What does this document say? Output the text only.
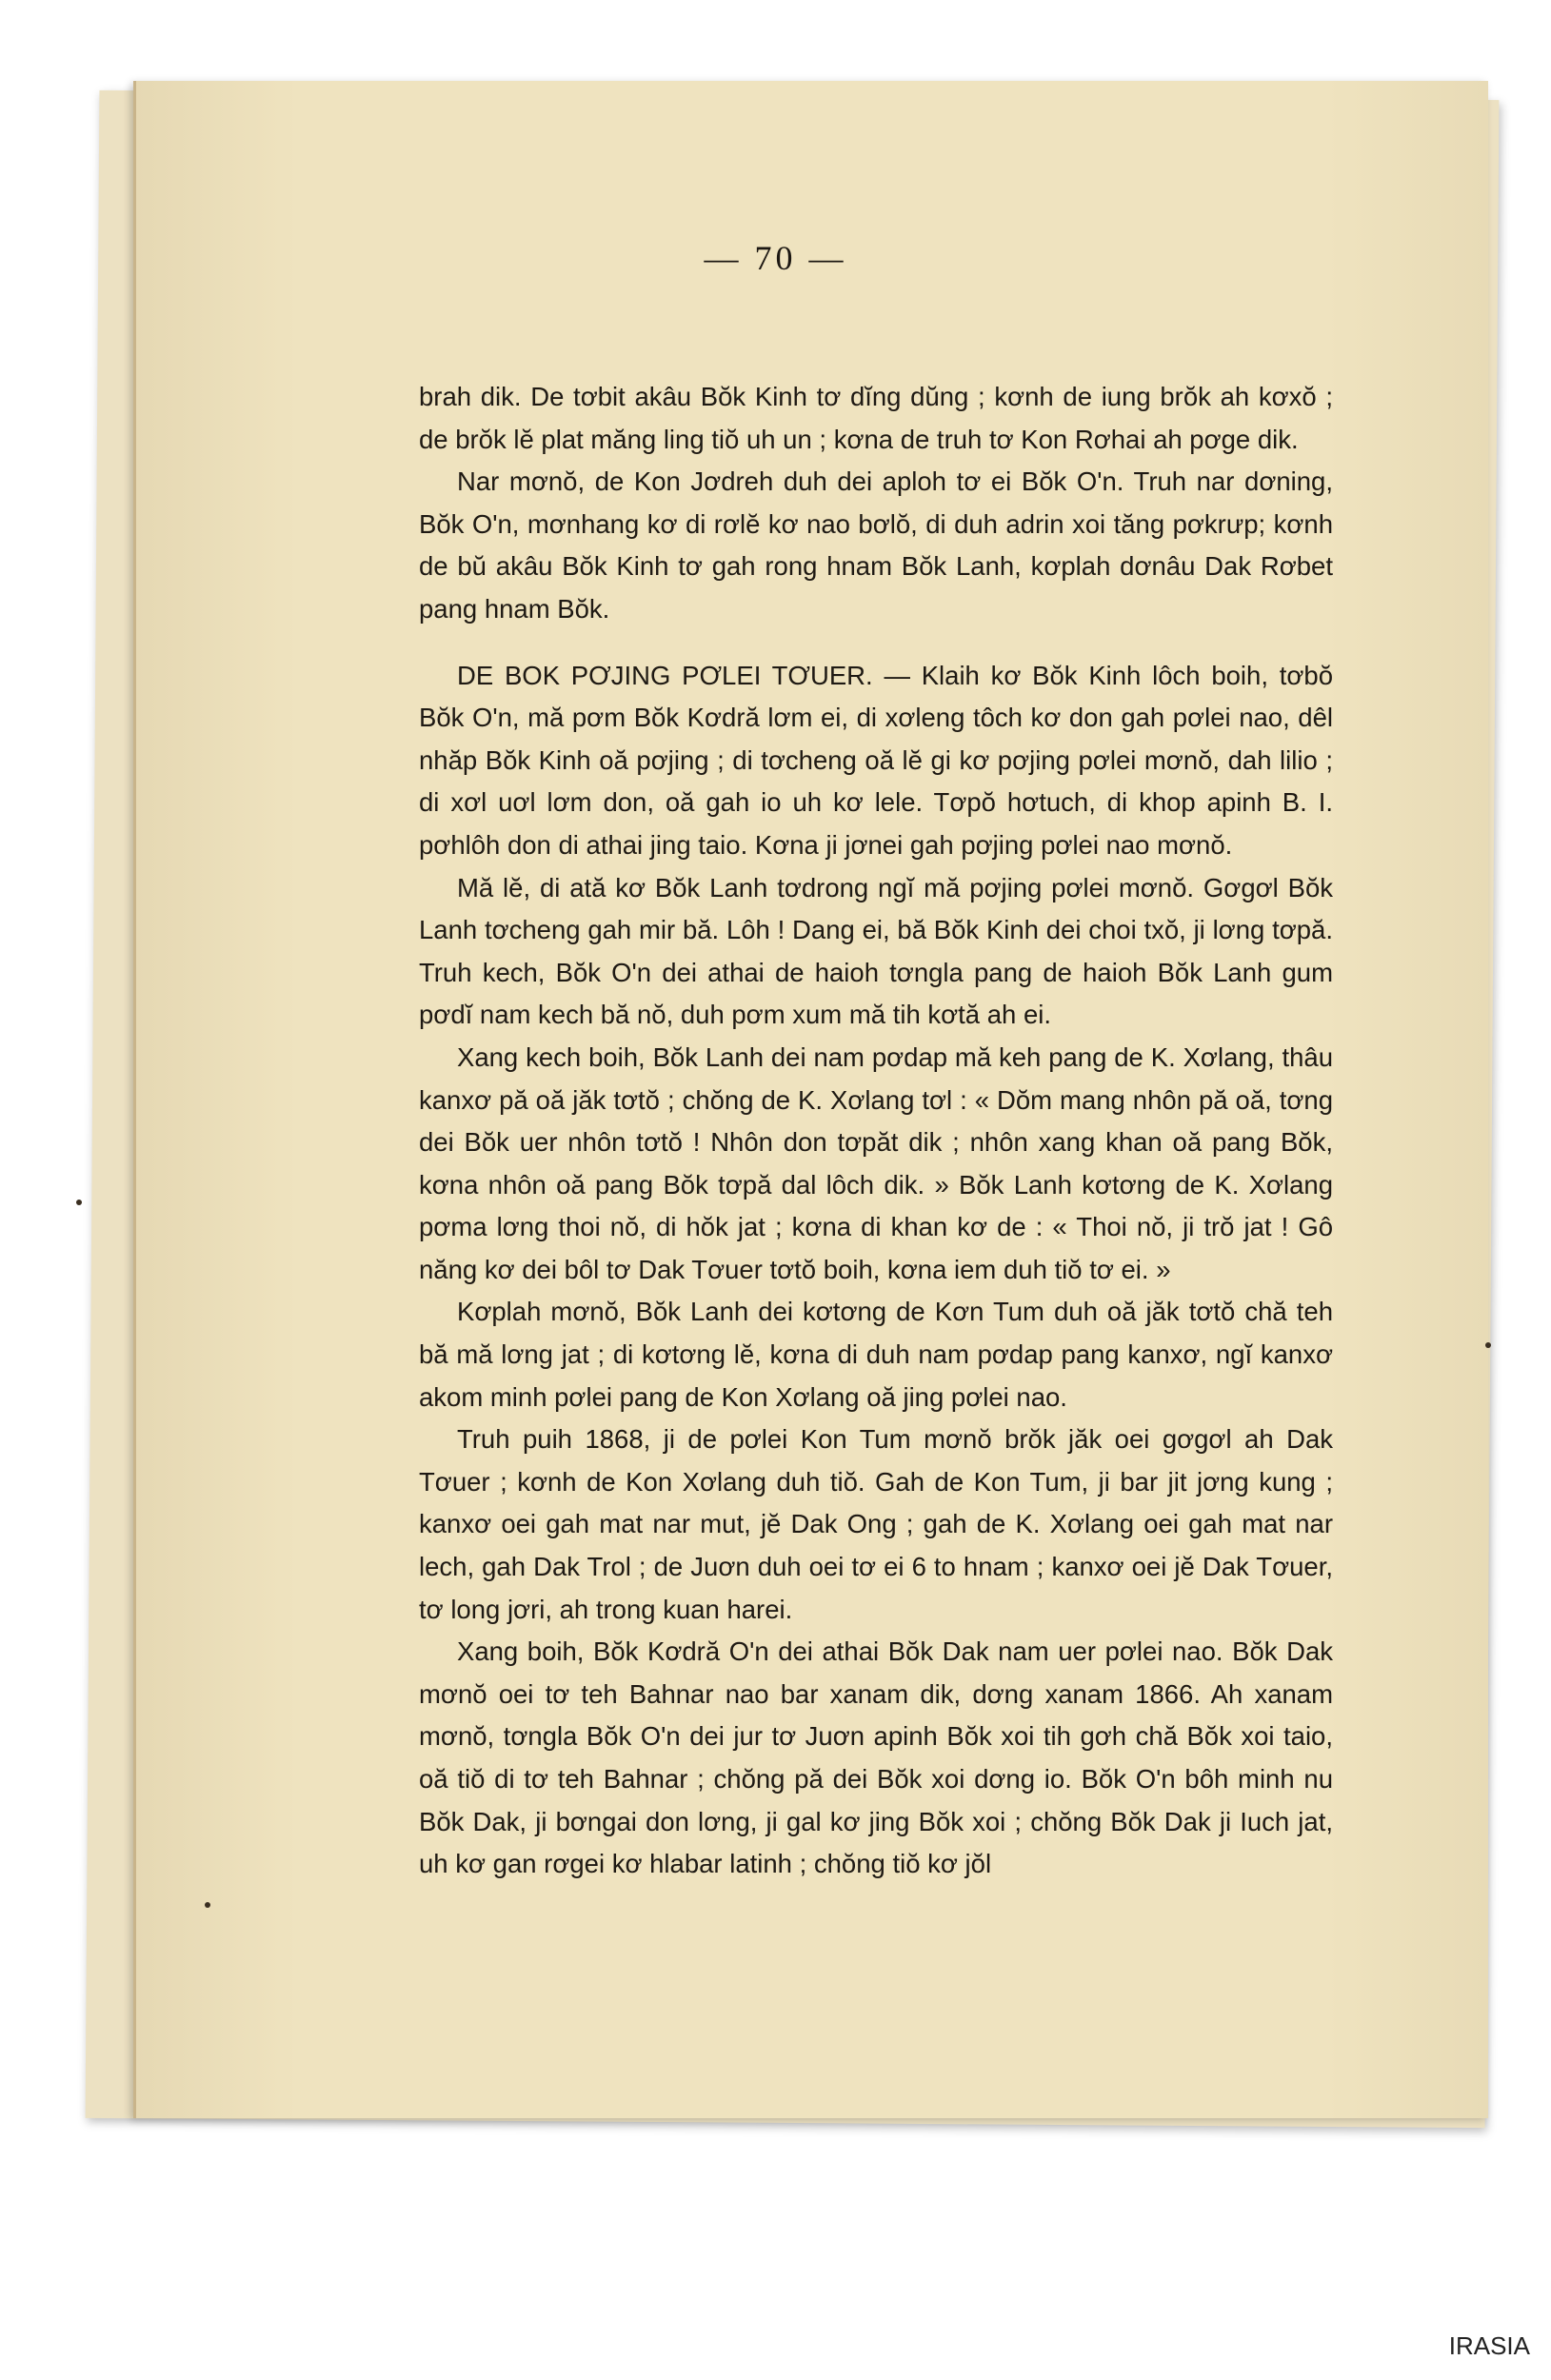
— 70 —

brah dik. De tơbit akâu Bŏk Kinh tơ dĭng dŭng ; kơnh de iung brŏk ah kơxŏ ; de brŏk lĕ plat măng ling tiŏ uh un ; kơna de truh tơ Kon Rơhai ah pơge dik.

Nar mơnŏ, de Kon Jơdreh duh dei aploh tơ ei Bŏk O'n. Truh nar dơning, Bŏk O'n, mơnhang kơ di rơlĕ kơ nao bơlŏ, di duh adrin xoi tăng pơkrưp; kơnh de bŭ akâu Bŏk Kinh tơ gah rong hnam Bŏk Lanh, kơplah dơnâu Dak Rơbet pang hnam Bŏk.

DE BOK PƠJING PƠLEI TƠUER. — Klaih kơ Bŏk Kinh lôch boih, tơbŏ Bŏk O'n, mă pơm Bŏk Kơdră lơm ei, di xơleng tôch kơ don gah pơlei nao, dêl nhăp Bŏk Kinh oă pơjing ; di tơcheng oă lĕ gi kơ pơjing pơlei mơnŏ, dah lilio ; di xơl uơl lơm don, oă gah io uh kơ lele. Tơpŏ hơtuch, di khop apinh B. I. pơhlôh don di athai jing taio. Kơna ji jơnei gah pơjing pơlei nao mơnŏ.

Mă lĕ, di ată kơ Bŏk Lanh tơdrong ngĭ mă pơjing pơlei mơnŏ. Gơgơl Bŏk Lanh tơcheng gah mir bă. Lôh ! Dang ei, bă Bŏk Kinh dei choi txŏ, ji lơng tơpă. Truh kech, Bŏk O'n dei athai de haioh tơngla pang de haioh Bŏk Lanh gum pơdĭ nam kech bă nŏ, duh pơm xum mă tih kơtă ah ei.

Xang kech boih, Bŏk Lanh dei nam pơdap mă keh pang de K. Xơlang, thâu kanxơ pă oă jăk tơtŏ ; chŏng de K. Xơlang tơl : « Dŏm mang nhôn pă oă, tơng dei Bŏk uer nhôn tơtŏ ! Nhôn don tơpăt dik ; nhôn xang khan oă pang Bŏk, kơna nhôn oă pang Bŏk tơpă dal lôch dik. » Bŏk Lanh kơtơng de K. Xơlang pơma lơng thoi nŏ, di hŏk jat ; kơna di khan kơ de : « Thoi nŏ, ji trŏ jat ! Gô năng kơ dei bôl tơ Dak Tơuer tơtŏ boih, kơna iem duh tiŏ tơ ei. »

Kơplah mơnŏ, Bŏk Lanh dei kơtơng de Kơn Tum duh oă jăk tơtŏ chă teh bă mă lơng jat ; di kơtơng lĕ, kơna di duh nam pơdap pang kanxơ, ngĭ kanxơ akom minh pơlei pang de Kon Xơlang oă jing pơlei nao.

Truh puih 1868, ji de pơlei Kon Tum mơnŏ brŏk jăk oei gơgơl ah Dak Tơuer ; kơnh de Kon Xơlang duh tiŏ. Gah de Kon Tum, ji bar jit jơng kung ; kanxơ oei gah mat nar mut, jĕ Dak Ong ; gah de K. Xơlang oei gah mat nar lech, gah Dak Trol ; de Juơn duh oei tơ ei 6 to hnam ; kanxơ oei jĕ Dak Tơuer, tơ long jơri, ah trong kuan harei.

Xang boih, Bŏk Kơdră O'n dei athai Bŏk Dak nam uer pơlei nao. Bŏk Dak mơnŏ oei tơ teh Bahnar nao bar xanam dik, dơng xanam 1866. Ah xanam mơnŏ, tơngla Bŏk O'n dei jur tơ Juơn apinh Bŏk xoi tih gơh chă Bŏk xoi taio, oă tiŏ di tơ teh Bahnar ; chŏng pă dei Bŏk xoi dơng io. Bŏk O'n bôh minh nu Bŏk Dak, ji bơngai don lơng, ji gal kơ jing Bŏk xoi ; chŏng Bŏk Dak ji Iuch jat, uh kơ gan rơgei kơ hlabar latinh ; chŏng tiŏ kơ jŏl

IRASIA
